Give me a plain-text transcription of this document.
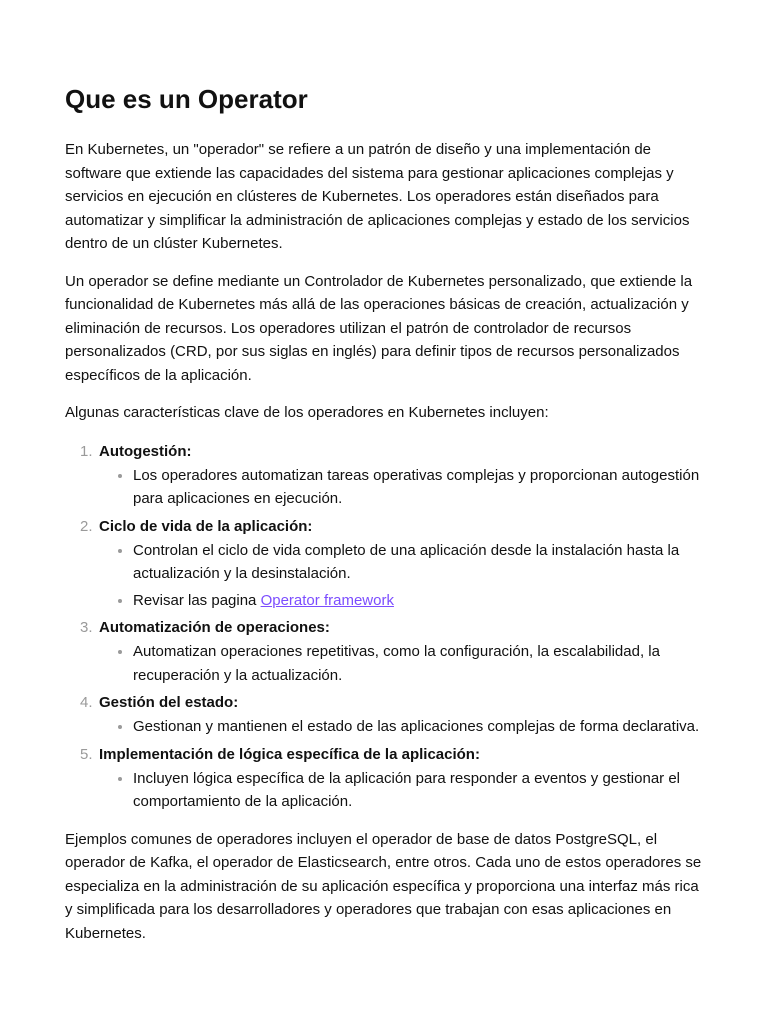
Que es un Operator

En Kubernetes, un "operador" se refiere a un patrón de diseño y una implementación de software que extiende las capacidades del sistema para gestionar aplicaciones complejas y servicios en ejecución en clústeres de Kubernetes. Los operadores están diseñados para automatizar y simplificar la administración de aplicaciones complejas y estado de los servicios dentro de un clúster Kubernetes.

Un operador se define mediante un Controlador de Kubernetes personalizado, que extiende la funcionalidad de Kubernetes más allá de las operaciones básicas de creación, actualización y eliminación de recursos. Los operadores utilizan el patrón de controlador de recursos personalizados (CRD, por sus siglas en inglés) para definir tipos de recursos personalizados específicos de la aplicación.

Algunas características clave de los operadores en Kubernetes incluyen:

1. Autogestión:
Los operadores automatizan tareas operativas complejas y proporcionan autogestión para aplicaciones en ejecución.
2. Ciclo de vida de la aplicación:
Controlan el ciclo de vida completo de una aplicación desde la instalación hasta la actualización y la desinstalación.
Revisar las pagina Operator framework
3. Automatización de operaciones:
Automatizan operaciones repetitivas, como la configuración, la escalabilidad, la recuperación y la actualización.
4. Gestión del estado:
Gestionan y mantienen el estado de las aplicaciones complejas de forma declarativa.
5. Implementación de lógica específica de la aplicación:
Incluyen lógica específica de la aplicación para responder a eventos y gestionar el comportamiento de la aplicación.

Ejemplos comunes de operadores incluyen el operador de base de datos PostgreSQL, el operador de Kafka, el operador de Elasticsearch, entre otros. Cada uno de estos operadores se especializa en la administración de su aplicación específica y proporciona una interfaz más rica y simplificada para los desarrolladores y operadores que trabajan con esas aplicaciones en Kubernetes.
